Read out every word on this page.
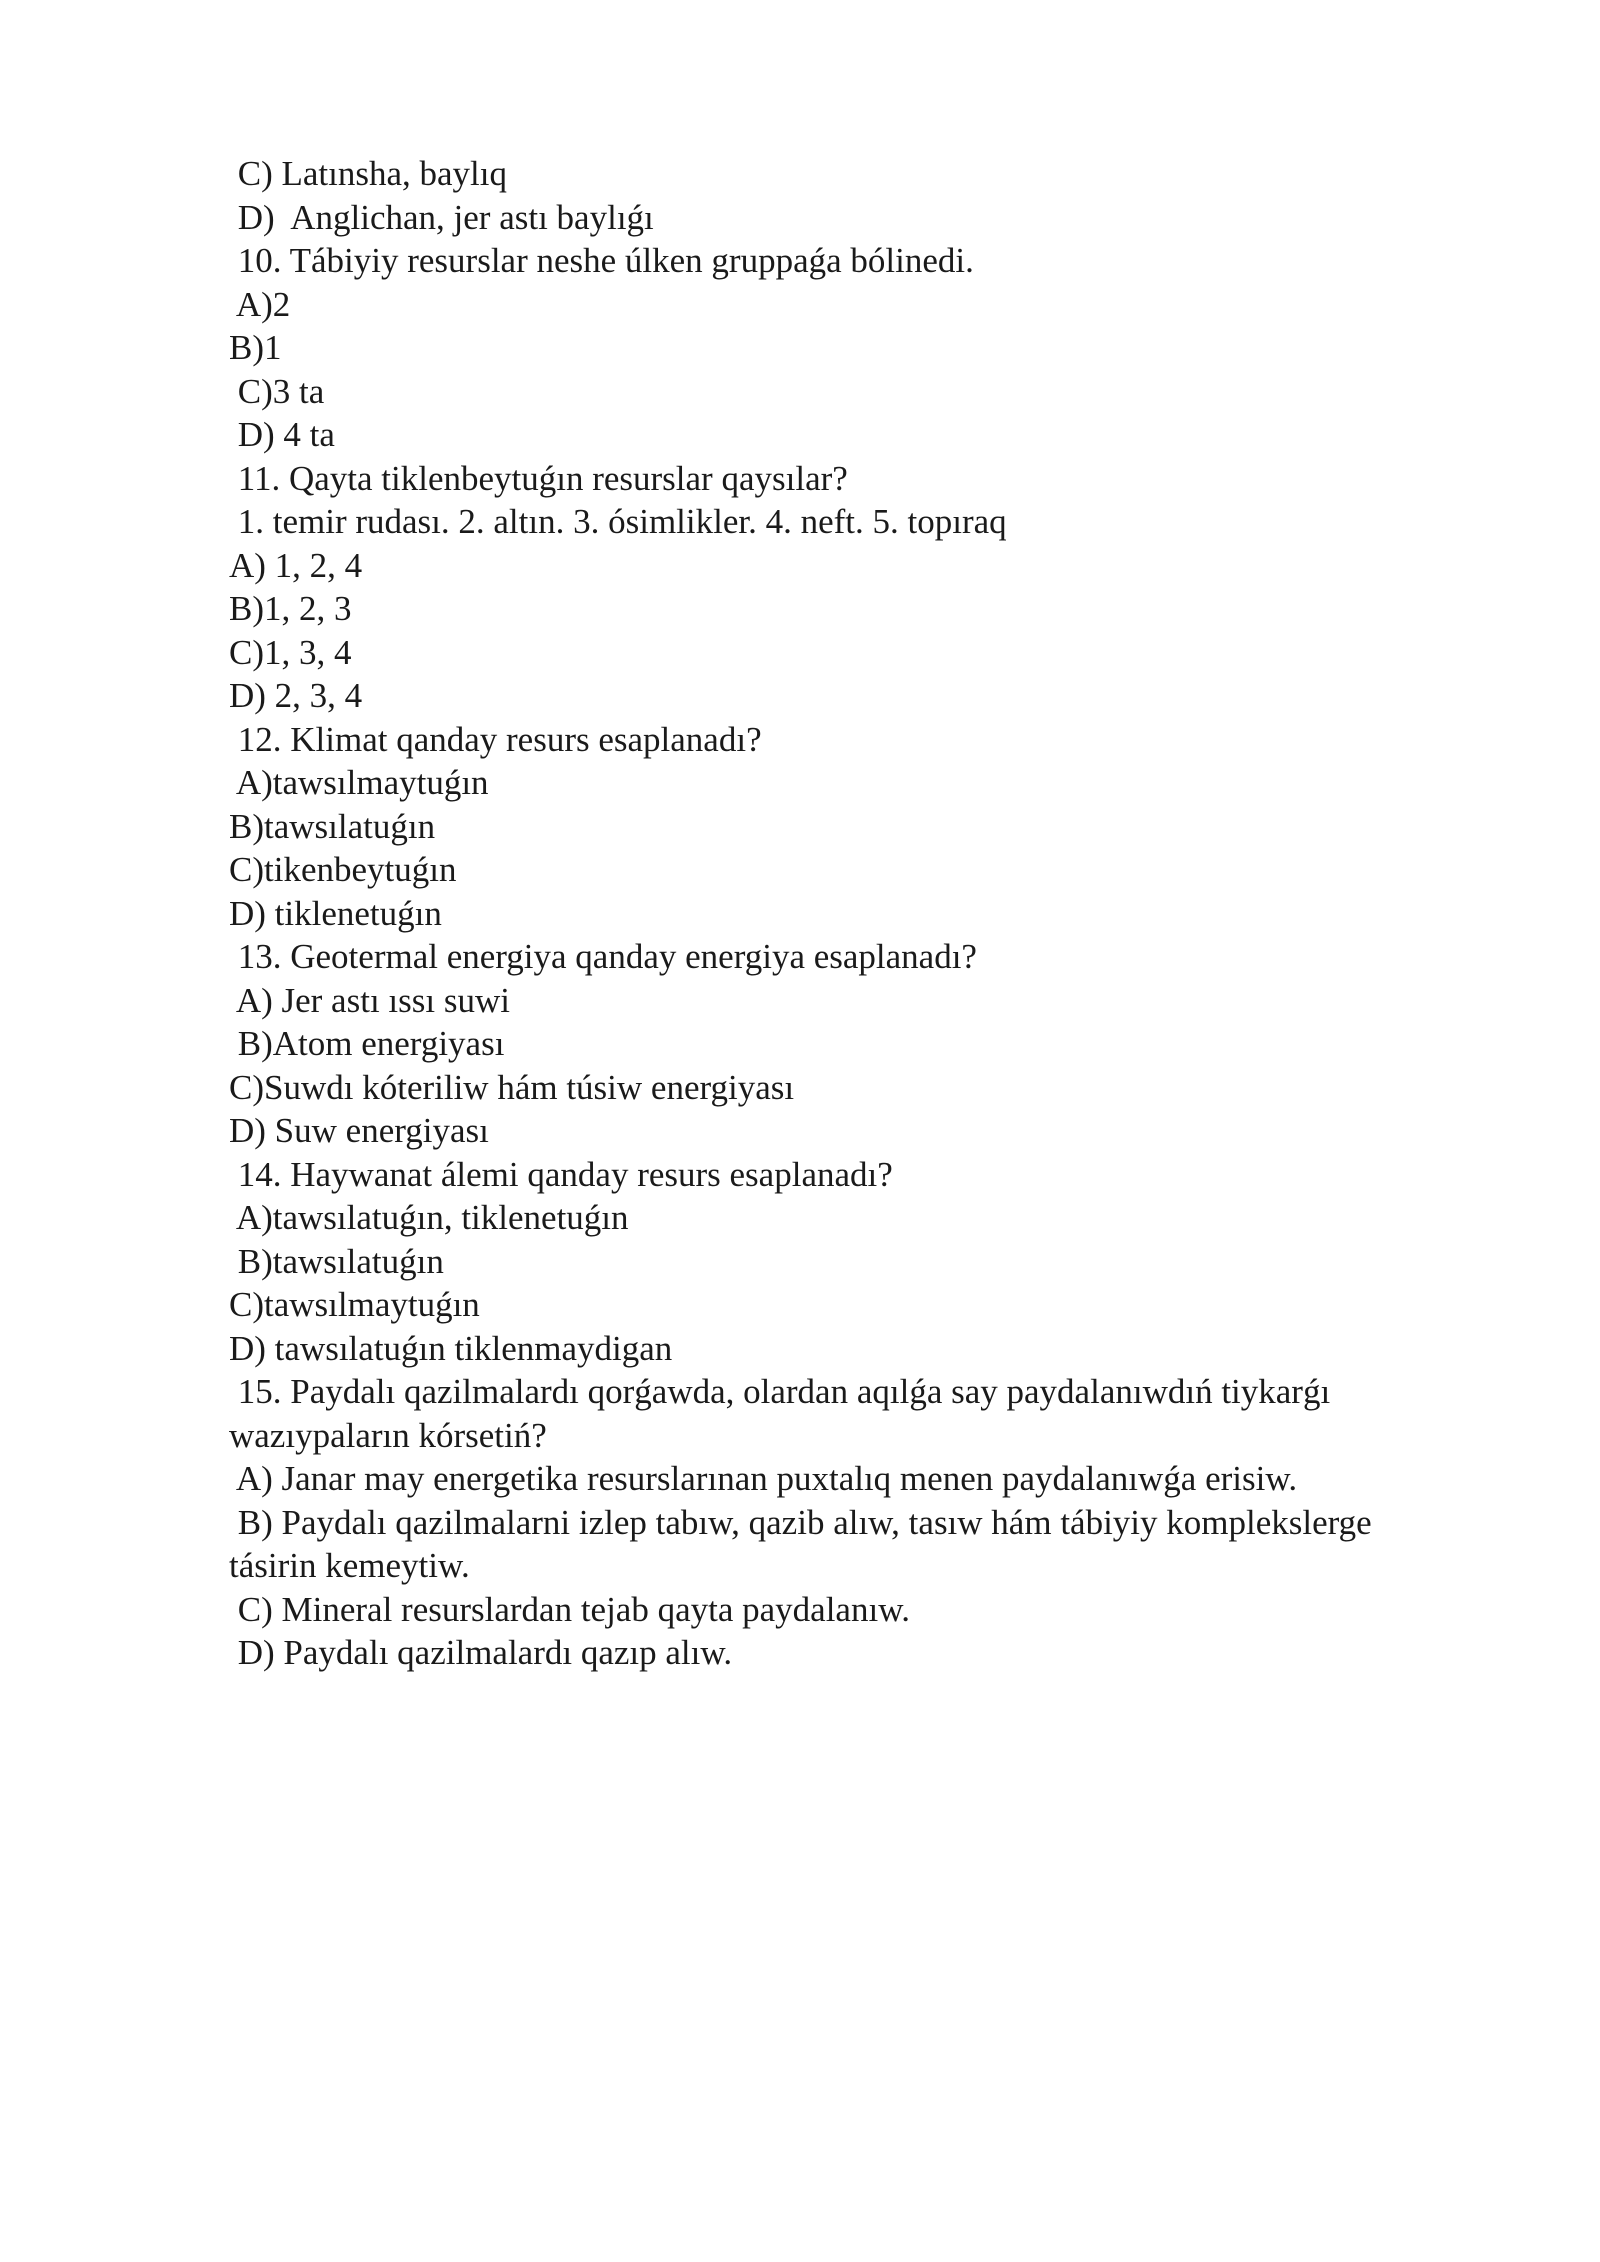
C) Latınsha, baylıq
D)  Anglichan, jer astı baylıǵı
10. Tábiyiy resurslar neshe úlken gruppaǵa bólinedi.
A)2
B)1
C)3 ta
D) 4 ta
11. Qayta tiklenbeytuǵın resurslar qaysılar?
1. temir rudası. 2. altın. 3. ósimlikler. 4. neft. 5. topıraq
A) 1, 2, 4
B)1, 2, 3
C)1, 3, 4
D) 2, 3, 4
12. Klimat qanday resurs esaplanadı?
A)tawsılmaytuǵın
B)tawsılatuǵın
C)tikenbeytuǵın
D) tiklenetuǵın
13. Geotermal energiya qanday energiya esaplanadı?
A) Jer astı ıssı suwi
B)Atom energiyası
C)Suwdı kóteriliw hám túsiw energiyası
D) Suw energiyası
14. Haywanat álemi qanday resurs esaplanadı?
A)tawsılatuǵın, tiklenetuǵın
B)tawsılatuǵın
C)tawsılmaytuǵın
D) tawsılatuǵın tiklenmaydigan
15. Paydalı qazilmalardı qorǵawda, olardan aqılǵa say paydalanıwdıń tiykarǵı
wazıypaların kórsetiń?
A) Janar may energetika resurslarınan puxtalıq menen paydalanıwǵa erisiw.
B) Paydalı qazilmalarni izlep tabıw, qazib alıw, tasıw hám tábiyiy komplekslerge
tásirin kemeytiw.
C) Mineral resurslardan tejab qayta paydalanıw.
D) Paydalı qazilmalardı qazıp alıw.
